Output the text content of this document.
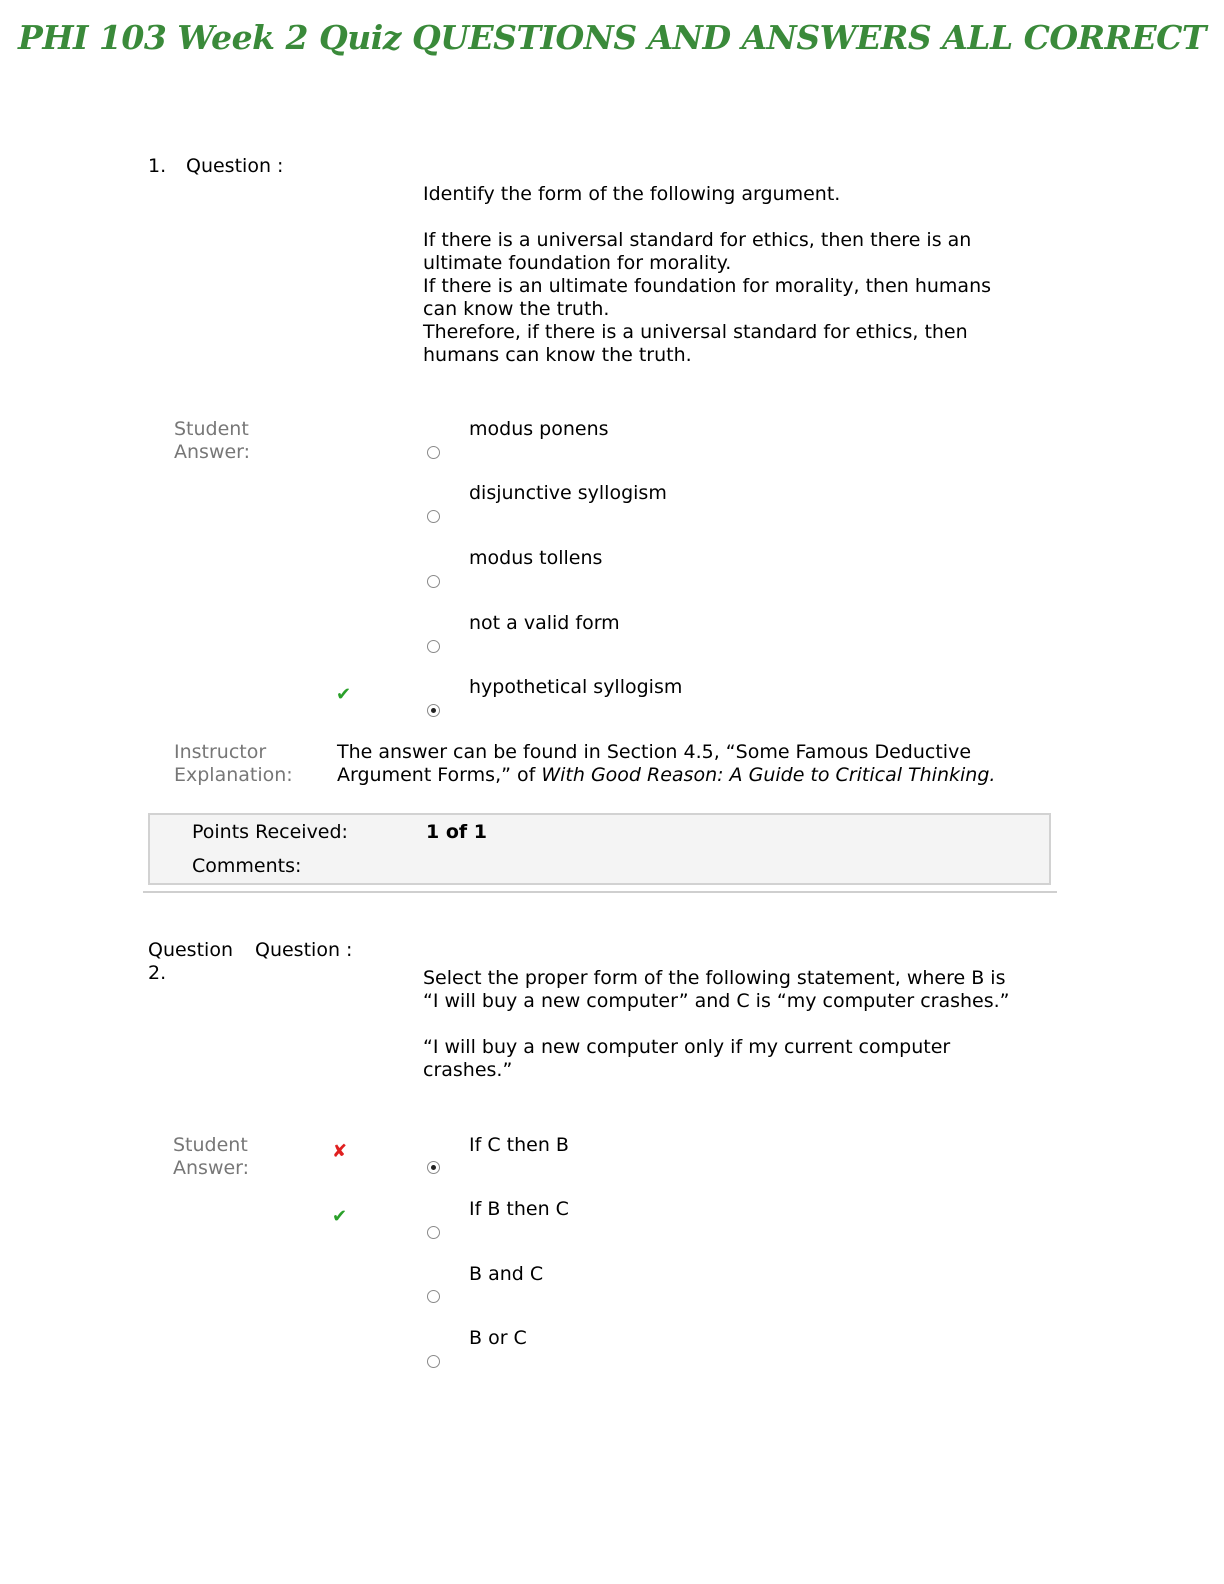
PHI 103 Week 2 Quiz QUESTIONS AND ANSWERS ALL CORRECT
1. Question :
Identify the form of the following argument.
If there is a universal standard for ethics, then there is an
ultimate foundation for morality.
If there is an ultimate foundation for morality, then humans
can know the truth.
Therefore, if there is a universal standard for ethics, then
humans can know the truth.
Student
Answer:
modus ponens
disjunctive syllogism
modus tollens
not a valid form
✔	hypothetical syllogism
Instructor
Explanation:
The answer can be found in Section 4.5, “Some Famous Deductive
Argument Forms,” of With Good Reason: A Guide to Critical Thinking.
Points Received:	1 of 1
Comments:
Question
2.
Question :
Select the proper form of the following statement, where B is
“I will buy a new computer” and C is “my computer crashes.”
“I will buy a new computer only if my current computer
crashes.”
Student
Answer:
✘	If C then B
✔	If B then C
B and C
B or C
